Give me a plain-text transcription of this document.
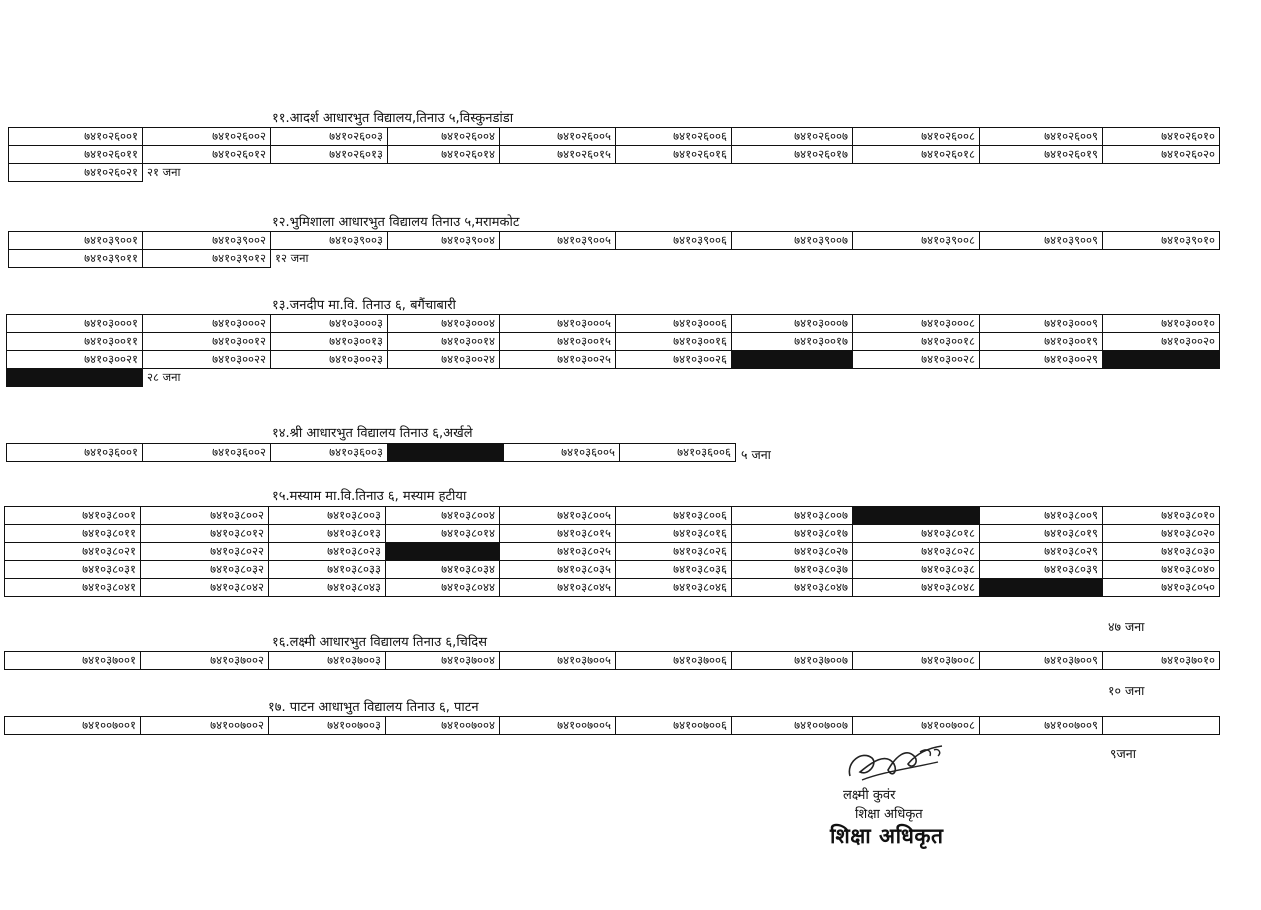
११.आदर्श आधारभुत विद्यालय,तिनाउ ५,विस्कुनडांडा
७४१०२६००१	७४१०२६००२	७४१०२६००३	७४१०२६००४	७४१०२६००५	७४१०२६००६	७४१०२६००७	७४१०२६००८	७४१०२६००९	७४१०२६०१०
७४१०२६०११	७४१०२६०१२	७४१०२६०१३	७४१०२६०१४	७४१०२६०१५	७४१०२६०१६	७४१०२६०१७	७४१०२६०१८	७४१०२६०१९	७४१०२६०२०
७४१०२६०२१	२१ जना								
१२.भुमिशाला आधारभुत विद्यालय तिनाउ ५,मरामकोट
७४१०३९००१	७४१०३९००२	७४१०३९००३	७४१०३९००४	७४१०३९००५	७४१०३९००६	७४१०३९००७	७४१०३९००८	७४१०३९००९	७४१०३९०१०
७४१०३९०११	७४१०३९०१२	१२ जना							
१३.जनदीप मा.वि. तिनाउ ६, बगैंचाबारी
७४१०३०००१	७४१०३०००२	७४१०३०००३	७४१०३०००४	७४१०३०००५	७४१०३०००६	७४१०३०००७	७४१०३०००८	७४१०३०००९	७४१०३००१०
७४१०३००११	७४१०३००१२	७४१०३००१३	७४१०३००१४	७४१०३००१५	७४१०३००१६	७४१०३००१७	७४१०३००१८	७४१०३००१९	७४१०३००२०
७४१०३००२१	७४१०३००२२	७४१०३००२३	७४१०३००२४	७४१०३००२५	७४१०३००२६		७४१०३००२८	७४१०३००२९	
	२८ जना								
१४.श्री आधारभुत विद्यालय तिनाउ ६,अर्खले
७४१०३६००१	७४१०३६००२	७४१०३६००३		७४१०३६००५	७४१०३६००६ ५ जना
१५.मस्याम मा.वि.तिनाउ ६, मस्याम हटीया
७४१०३८००१	७४१०३८००२	७४१०३८००३	७४१०३८००४	७४१०३८००५	७४१०३८००६	७४१०३८००७		७४१०३८००९	७४१०३८०१०
७४१०३८०११	७४१०३८०१२	७४१०३८०१३	७४१०३८०१४	७४१०३८०१५	७४१०३८०१६	७४१०३८०१७	७४१०३८०१८	७४१०३८०१९	७४१०३८०२०
७४१०३८०२१	७४१०३८०२२	७४१०३८०२३		७४१०३८०२५	७४१०३८०२६	७४१०३८०२७	७४१०३८०२८	७४१०३८०२९	७४१०३८०३०
७४१०३८०३१	७४१०३८०३२	७४१०३८०३३	७४१०३८०३४	७४१०३८०३५	७४१०३८०३६	७४१०३८०३७	७४१०३८०३८	७४१०३८०३९	७४१०३८०४०
७४१०३८०४१	७४१०३८०४२	७४१०३८०४३	७४१०३८०४४	७४१०३८०४५	७४१०३८०४६	७४१०३८०४७	७४१०३८०४८		७४१०३८०५०
४७ जना
१६.लक्ष्मी आधारभुत विद्यालय तिनाउ ६,चिदिस
७४१०३७००१	७४१०३७००२	७४१०३७००३	७४१०३७००४	७४१०३७००५	७४१०३७००६	७४१०३७००७	७४१०३७००८	७४१०३७००९	७४१०३७०१०
१० जना
१७. पाटन आधाभुत विद्यालय तिनाउ ६, पाटन
७४१००७००१	७४१००७००२	७४१००७००३	७४१००७००४	७४१००७००५	७४१००७००६	७४१००७००७	७४१००७००८	७४१००७००९	
९जना
लक्ष्मी कुवंर
शिक्षा अधिकृत
शिक्षा अधिकृत
